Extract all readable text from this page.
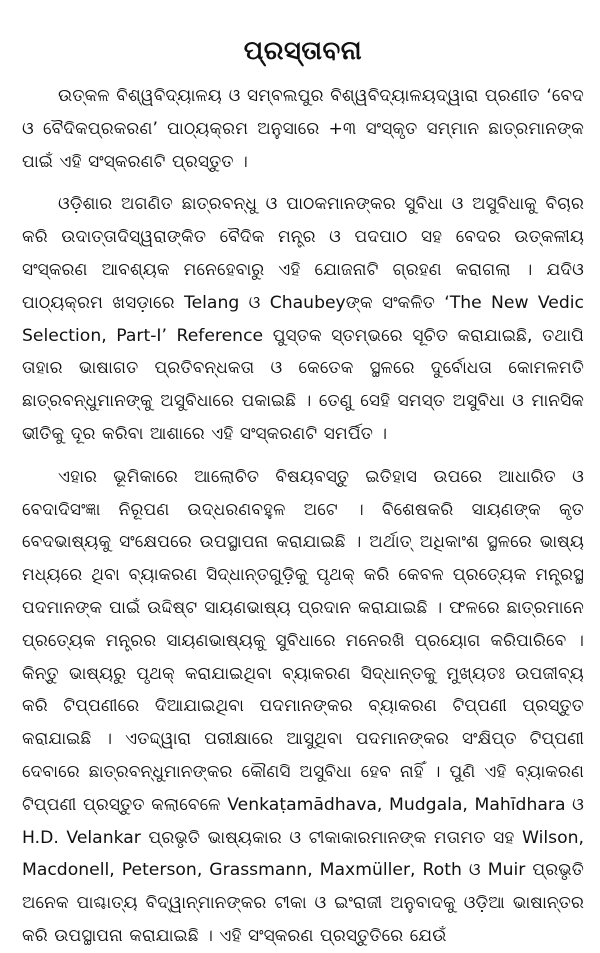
ପ୍ରସ୍ତାବନା

ଉତ୍କଳ ବିଶ୍ୱବିଦ୍ୟାଳୟ ଓ ସମ୍ବଲପୁର ବିଶ୍ୱବିଦ୍ୟାଳୟଦ୍ୱାରା ପ୍ରଣୀତ ‘ବେଦ ଓ ବୈଦିକପ୍ରକରଣ’ ପାଠ୍ୟକ୍ରମ ଅନୁସାରେ +୩ ସଂସ୍କୃତ ସମ୍ମାନ ଛାତ୍ରମାନଙ୍କ ପାଇଁ ଏହି ସଂସ୍କରଣଟି ପ୍ରସ୍ତୁତ ।

ଓଡ଼ିଶାର ଅଗଣିତ ଛାତ୍ରବନ୍ଧୁ ଓ ପାଠକମାନଙ୍କର ସୁବିଧା ଓ ଅସୁବିଧାକୁ ବିଚାର କରି ଉଦାତ୍ତାଦିସ୍ୱରାଙ୍କିତ ବୈଦିକ ମନ୍ତ୍ର ଓ ପଦପାଠ ସହ ବେଦର ଉତ୍କଳୀୟ ସଂସ୍କରଣ ଆବଶ୍ୟକ ମନେହେବାରୁ ଏହି ଯୋଜନାଟି ଗ୍ରହଣ କରାଗଲା । ଯଦିଓ ପାଠ୍ୟକ୍ରମ ଖସଡ଼ାରେ Telang ଓ Chaubeyଙ୍କ ସଂକଳିତ ‘The New Vedic Selection, Part-I’ Reference ପୁସ୍ତକ ସ୍ତମ୍ଭରେ ସୂଚିତ କରାଯାଇଛି, ତଥାପି ତାହାର ଭାଷାଗତ ପ୍ରତିବନ୍ଧକତା ଓ କେତେକ ସ୍ଥଳରେ ଦୁର୍ବୋଧତା କୋମଳମତି ଛାତ୍ରବନ୍ଧୁମାନଙ୍କୁ ଅସୁବିଧାରେ ପକାଇଛି । ତେଣୁ ସେହି ସମସ୍ତ ଅସୁବିଧା ଓ ମାନସିକ ଭୀତିକୁ ଦୂର କରିବା ଆଶାରେ ଏହି ସଂସ୍କରଣଟି ସମର୍ପିତ ।

ଏହାର ଭୂମିକାରେ ଆଲୋଚିତ ବିଷୟବସ୍ତୁ ଇତିହାସ ଉପରେ ଆଧାରିତ ଓ ବେଦାଦିସଂଜ୍ଞା ନିରୂପଣ ଉଦ୍ଧରଣବହୁଳ ଅଟେ । ବିଶେଷକରି ସାୟଣଙ୍କ କୃତ ବେଦଭାଷ୍ୟକୁ ସଂକ୍ଷେପରେ ଉପସ୍ଥାପନା କରାଯାଇଛି । ଅର୍ଥାତ୍ ଅଧିକାଂଶ ସ୍ଥଳରେ ଭାଷ୍ୟ ମଧ୍ୟରେ ଥିବା ବ୍ୟାକରଣ ସିଦ୍ଧାନ୍ତଗୁଡ଼ିକୁ ପୃଥକ୍ କରି କେବଳ ପ୍ରତ୍ୟେକ ମନ୍ତ୍ରସ୍ଥ ପଦମାନଙ୍କ ପାଇଁ ଉଦ୍ଦିଷ୍ଟ ସାୟଣଭାଷ୍ୟ ପ୍ରଦାନ କରାଯାଇଛି । ଫଳରେ ଛାତ୍ରମାନେ ପ୍ରତ୍ୟେକ ମନ୍ତ୍ରର ସାୟଣଭାଷ୍ୟକୁ ସୁବିଧାରେ ମନେରଖି ପ୍ରୟୋଗ କରିପାରିବେ । କିନ୍ତୁ ଭାଷ୍ୟରୁ ପୃଥକ୍ କରାଯାଇଥିବା ବ୍ୟାକରଣ ସିଦ୍ଧାନ୍ତକୁ ମୁଖ୍ୟତଃ ଉପଜୀବ୍ୟ କରି ଟିପ୍ପଣୀରେ ଦିଆଯାଇଥିବା ପଦମାନଙ୍କର ବ୍ୟାକରଣ ଟିପ୍ପଣୀ ପ୍ରସ୍ତୁତ କରାଯାଇଛି । ଏତଦ୍ଦ୍ୱାରା ପରୀକ୍ଷାରେ ଆସୁଥିବା ପଦମାନଙ୍କର ସଂକ୍ଷିପ୍ତ ଟିପ୍ପଣୀ ଦେବାରେ ଛାତ୍ରବନ୍ଧୁମାନଙ୍କର କୌଣସି ଅସୁବିଧା ହେବ ନାହିଁ । ପୁଣି ଏହି ବ୍ୟାକରଣ ଟିପ୍ପଣୀ ପ୍ରସ୍ତୁତ କଲାବେଳେ Venkaṭamādhava, Mudgala, Mahīdhara ଓ H.D. Velankar ପ୍ରଭୃତି ଭାଷ୍ୟକାର ଓ ଟୀକାକାରମାନଙ୍କ ମତାମତ ସହ Wilson, Macdonell, Peterson, Grassmann, Maxmüller, Roth ଓ Muir ପ୍ରଭୃତି ଅନେକ ପାଶ୍ଚାତ୍ୟ ବିଦ୍ୱାନ୍‌ମାନଙ୍କର ଟୀକା ଓ ଇଂରାଜୀ ଅନୁବାଦକୁ ଓଡ଼ିଆ ଭାଷାନ୍ତର କରି ଉପସ୍ଥାପନା କରାଯାଇଛି । ଏହି ସଂସ୍କରଣ ପ୍ରସ୍ତୁତିରେ ଯେଉଁ
